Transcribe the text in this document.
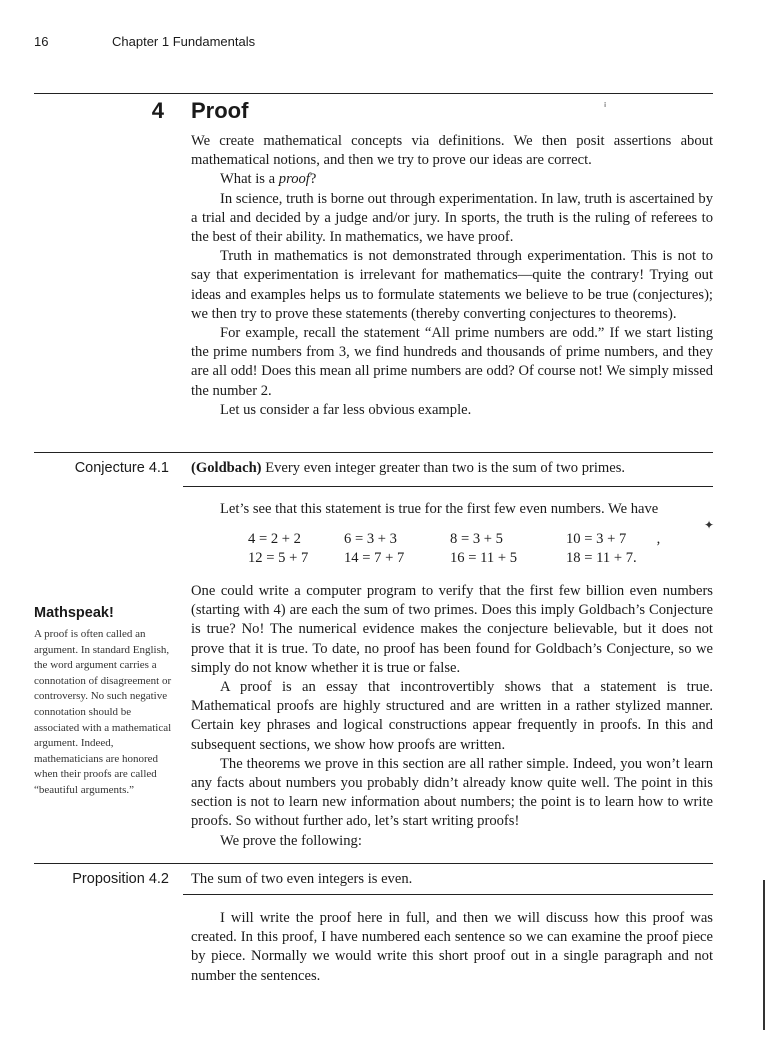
16	Chapter 1 Fundamentals
4 Proof	ⁱ

We create mathematical concepts via definitions. We then posit assertions about mathematical notions, and then we try to prove our ideas are correct.

What is a proof?

In science, truth is borne out through experimentation. In law, truth is ascertained by a trial and decided by a judge and/or jury. In sports, the truth is the ruling of referees to the best of their ability. In mathematics, we have proof.

Truth in mathematics is not demonstrated through experimentation. This is not to say that experimentation is irrelevant for mathematics—quite the contrary! Trying out ideas and examples helps us to formulate statements we believe to be true (conjectures); we then try to prove these statements (thereby converting conjectures to theorems).

For example, recall the statement “All prime numbers are odd.” If we start listing the prime numbers from 3, we find hundreds and thousands of prime numbers, and they are all odd! Does this mean all prime numbers are odd? Of course not! We simply missed the number 2.

Let us consider a far less obvious example.

Conjecture 4.1 (Goldbach) Every even integer greater than two is the sum of two primes.

Let’s see that this statement is true for the first few even numbers. We have

✦
4 = 2 + 2	6 = 3 + 3	8 = 3 + 5	10 = 3 + 7	,
12 = 5 + 7	14 = 7 + 7	16 = 11 + 5	18 = 11 + 7.	

One could write a computer program to verify that the first few billion even numbers (starting with 4) are each the sum of two primes. Does this imply Goldbach’s Conjecture is true? No! The numerical evidence makes the conjecture believable, but it does not prove that it is true. To date, no proof has been found for Goldbach’s Conjecture, so we simply do not know whether it is true or false.

A proof is an essay that incontrovertibly shows that a statement is true. Mathematical proofs are highly structured and are written in a rather stylized manner. Certain key phrases and logical constructions appear frequently in proofs. In this and subsequent sections, we show how proofs are written.

The theorems we prove in this section are all rather simple. Indeed, you won’t learn any facts about numbers you probably didn’t already know quite well. The point in this section is not to learn new information about numbers; the point is to learn how to write proofs. So without further ado, let’s start writing proofs!

We prove the following:

Mathspeak!

A proof is often called an argument. In standard English, the word argument carries a connotation of disagreement or controversy. No such negative connotation should be associated with a mathematical argument. Indeed, mathematicians are honored when their proofs are called “beautiful arguments.”

Proposition 4.2 The sum of two even integers is even.

I will write the proof here in full, and then we will discuss how this proof was created. In this proof, I have numbered each sentence so we can examine the proof piece by piece. Normally we would write this short proof out in a single paragraph and not number the sentences.
